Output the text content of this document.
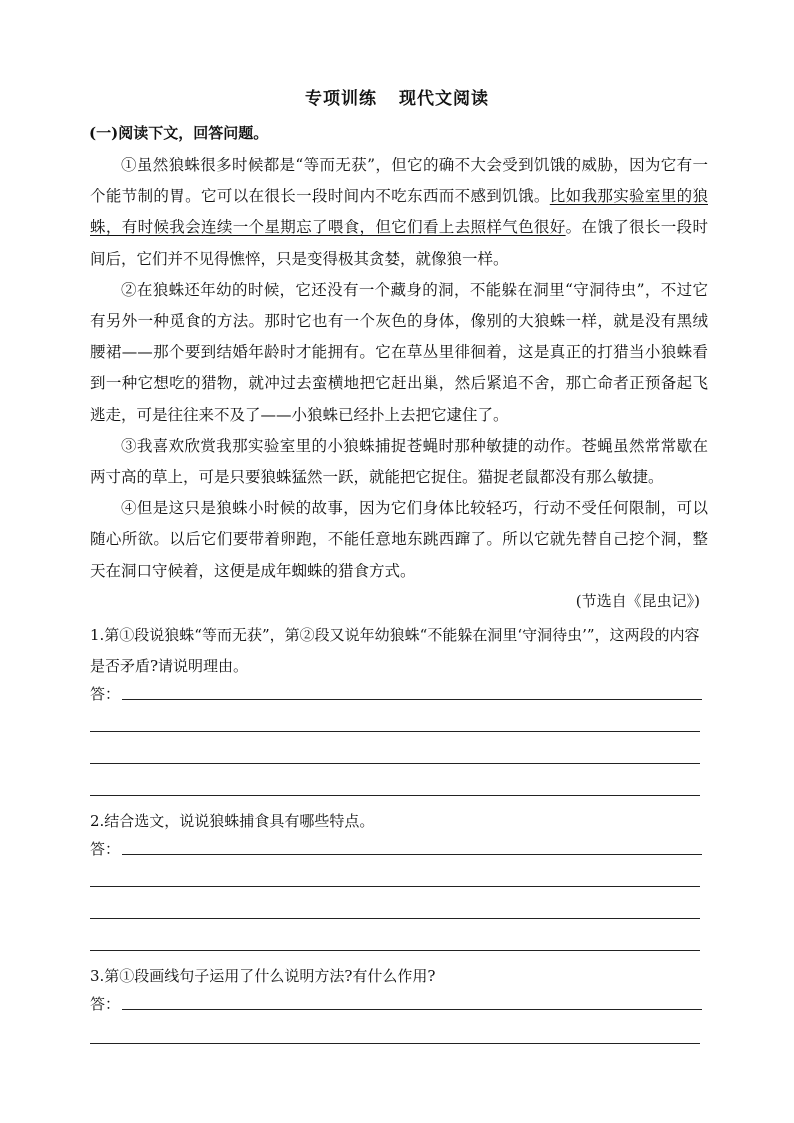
专项训练 现代文阅读
(一)阅读下文，回答问题。

①虽然狼蛛很多时候都是“等而无获”，但它的确不大会受到饥饿的威胁，因为它有一个能节制的胃。它可以在很长一段时间内不吃东西而不感到饥饿。比如我那实验室里的狼蛛，有时候我会连续一个星期忘了喂食，但它们看上去照样气色很好。在饿了很长一段时间后，它们并不见得憔悴，只是变得极其贪婪，就像狼一样。

②在狼蛛还年幼的时候，它还没有一个藏身的洞，不能躲在洞里“守洞待虫”，不过它有另外一种觅食的方法。那时它也有一个灰色的身体，像别的大狼蛛一样，就是没有黑绒腰裙——那个要到结婚年龄时才能拥有。它在草丛里徘徊着，这是真正的打猎当小狼蛛看到一种它想吃的猎物，就冲过去蛮横地把它赶出巢，然后紧追不舍，那亡命者正预备起飞逃走，可是往往来不及了——小狼蛛已经扑上去把它逮住了。

③我喜欢欣赏我那实验室里的小狼蛛捕捉苍蝇时那种敏捷的动作。苍蝇虽然常常歇在两寸高的草上，可是只要狼蛛猛然一跃，就能把它捉住。猫捉老鼠都没有那么敏捷。

④但是这只是狼蛛小时候的故事，因为它们身体比较轻巧，行动不受任何限制，可以随心所欲。以后它们要带着卵跑，不能任意地东跳西蹿了。所以它就先替自己挖个洞，整天在洞口守候着，这便是成年蜘蛛的猎食方式。

(节选自《昆虫记》)
1.第①段说狼蛛“等而无获”，第②段又说年幼狼蛛“不能躲在洞里‘守洞待虫’”，这两段的内容是否矛盾?请说明理由。
答：
2.结合选文，说说狼蛛捕食具有哪些特点。
答：
3.第①段画线句子运用了什么说明方法?有什么作用?
答：
